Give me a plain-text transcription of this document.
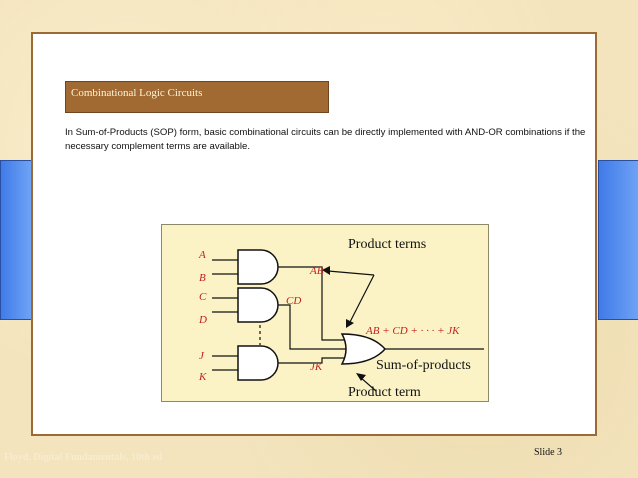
Combinational Logic Circuits
In Sum-of-Products (SOP) form, basic combinational circuits can be directly implemented with AND-OR combinations if the necessary complement terms are available.
A
B
C
D
J
K
AB
CD
JK
AB + CD + · · · + JK
Product terms
Sum-of-products
Product term
Slide 3
Floyd, Digital Fundamentals, 10th ed
